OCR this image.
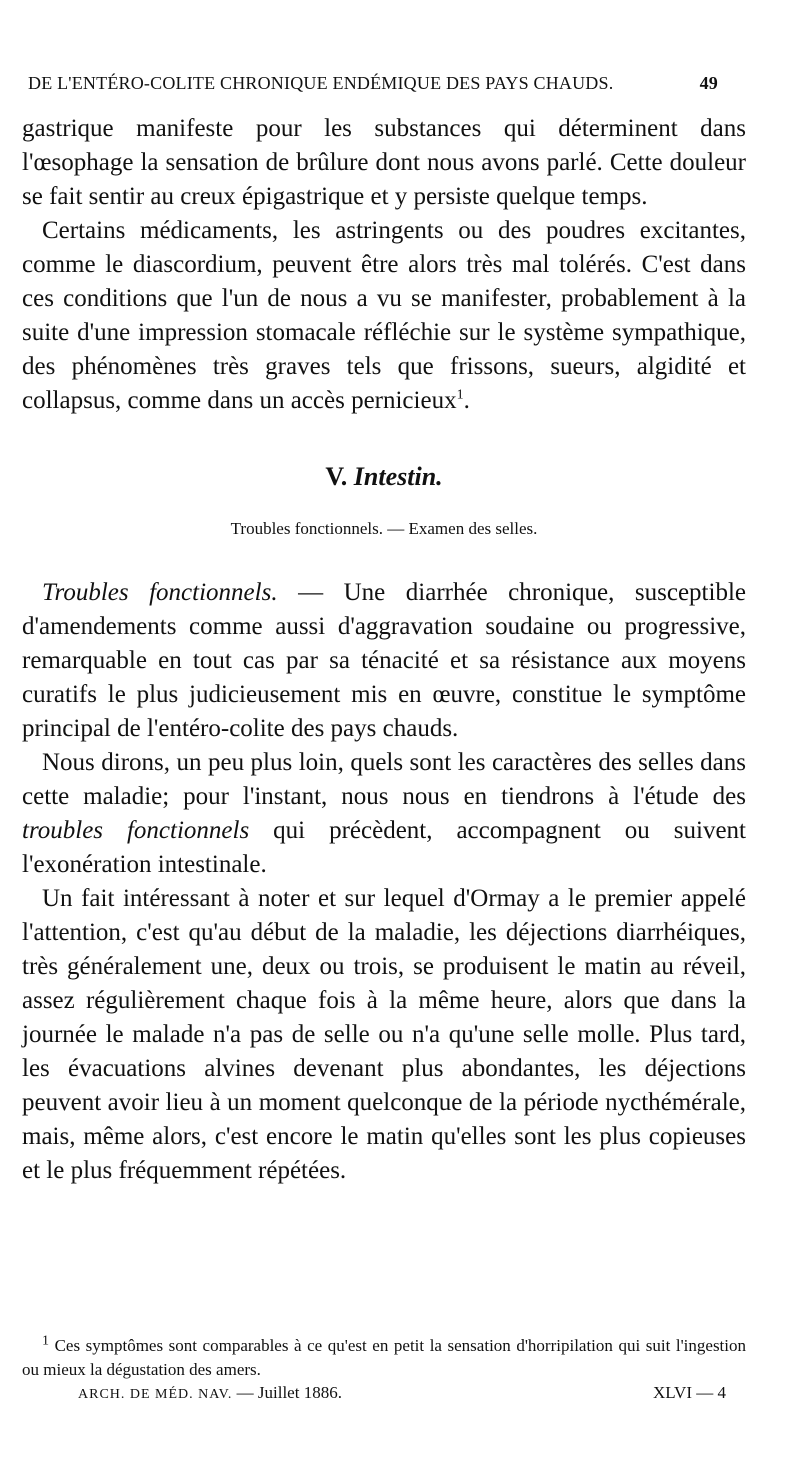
DE L'ENTÉRO-COLITE CHRONIQUE ENDÉMIQUE DES PAYS CHAUDS.	49

gastrique manifeste pour les substances qui déterminent dans l'œsophage la sensation de brûlure dont nous avons parlé. Cette douleur se fait sentir au creux épigastrique et y persiste quelque temps.

Certains médicaments, les astringents ou des poudres excitantes, comme le diascordium, peuvent être alors très mal tolérés. C'est dans ces conditions que l'un de nous a vu se manifester, probablement à la suite d'une impression stomacale réfléchie sur le système sympathique, des phénomènes très graves tels que frissons, sueurs, algidité et collapsus, comme dans un accès pernicieux$^1$.

V. Intestin.
Troubles fonctionnels. — Examen des selles.

Troubles fonctionnels. — Une diarrhée chronique, susceptible d'amendements comme aussi d'aggravation soudaine ou progressive, remarquable en tout cas par sa ténacité et sa résistance aux moyens curatifs le plus judicieusement mis en œuvre, constitue le symptôme principal de l'entéro-colite des pays chauds.

Nous dirons, un peu plus loin, quels sont les caractères des selles dans cette maladie; pour l'instant, nous nous en tiendrons à l'étude des troubles fonctionnels qui précèdent, accompagnent ou suivent l'exonération intestinale.

Un fait intéressant à noter et sur lequel d'Ormay a le premier appelé l'attention, c'est qu'au début de la maladie, les déjections diarrhéiques, très généralement une, deux ou trois, se produisent le matin au réveil, assez régulièrement chaque fois à la même heure, alors que dans la journée le malade n'a pas de selle ou n'a qu'une selle molle. Plus tard, les évacuations alvines devenant plus abondantes, les déjections peuvent avoir lieu à un moment quelconque de la période nycthémérale, mais, même alors, c'est encore le matin qu'elles sont les plus copieuses et le plus fréquemment répétées.

$^1$ Ces symptômes sont comparables à ce qu'est en petit la sensation d'horripilation qui suit l'ingestion ou mieux la dégustation des amers.

ARCH. DE MÉD. NAV. — Juillet 1886.	XLVI — 4
